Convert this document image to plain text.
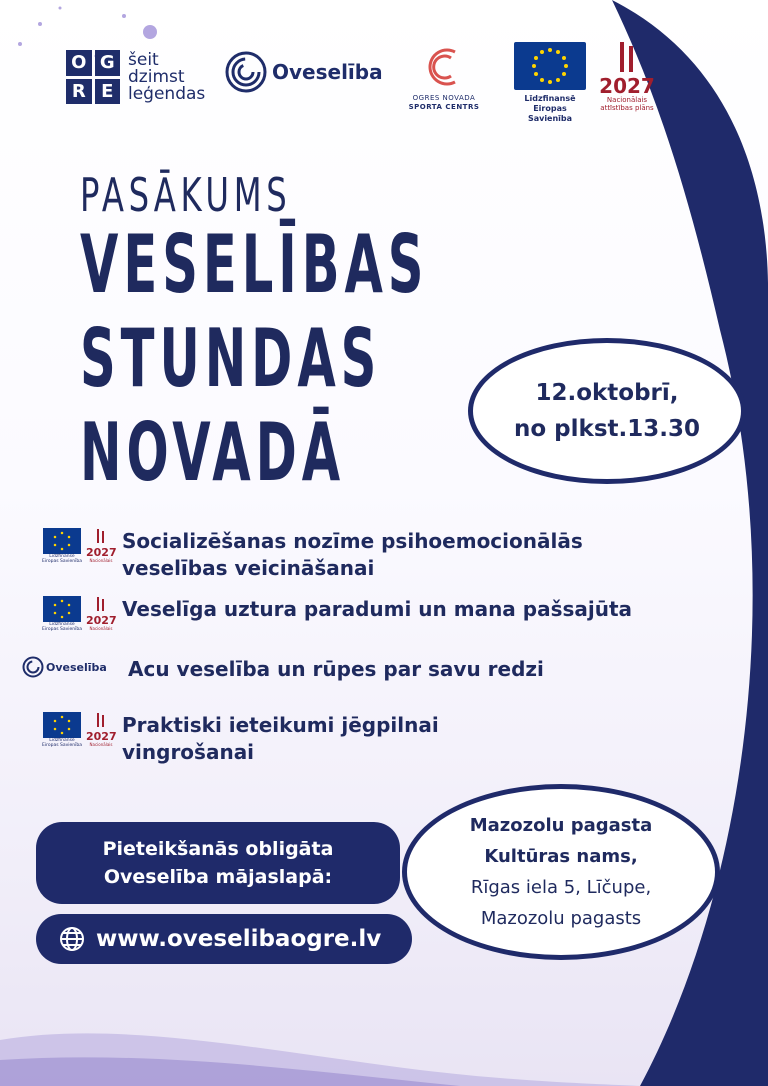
O G
R E
šeit
dzimst
leģendas
Oveselība
OGRES NOVADA
SPORTA CENTRS
Līdzfinansē
Eiropas Savienība
2027
Nacionālais
attīstības plāns
PASĀKUMS
VESELĪBAS
STUNDAS
NOVADĀ
12.oktobrī,
no plkst.13.30
Līdzfinansē
Eiropas Savienība
2027
Nacionālais
Socializēšanas nozīme psihoemocionālās
veselības veicināšanai
Līdzfinansē
Eiropas Savienība
2027
Nacionālais
Veselīga uztura paradumi un mana pašsajūta
Oveselība Acu veselība un rūpes par savu redzi
Līdzfinansē
Eiropas Savienība
2027
Nacionālais
Praktiski ieteikumi jēgpilnai
vingrošanai
Pieteikšanās obligāta
Oveselība mājaslapā:
www.oveselibaogre.lv
Mazozolu pagasta
Kultūras nams,
Rīgas iela 5, Līčupe,
Mazozolu pagasts
